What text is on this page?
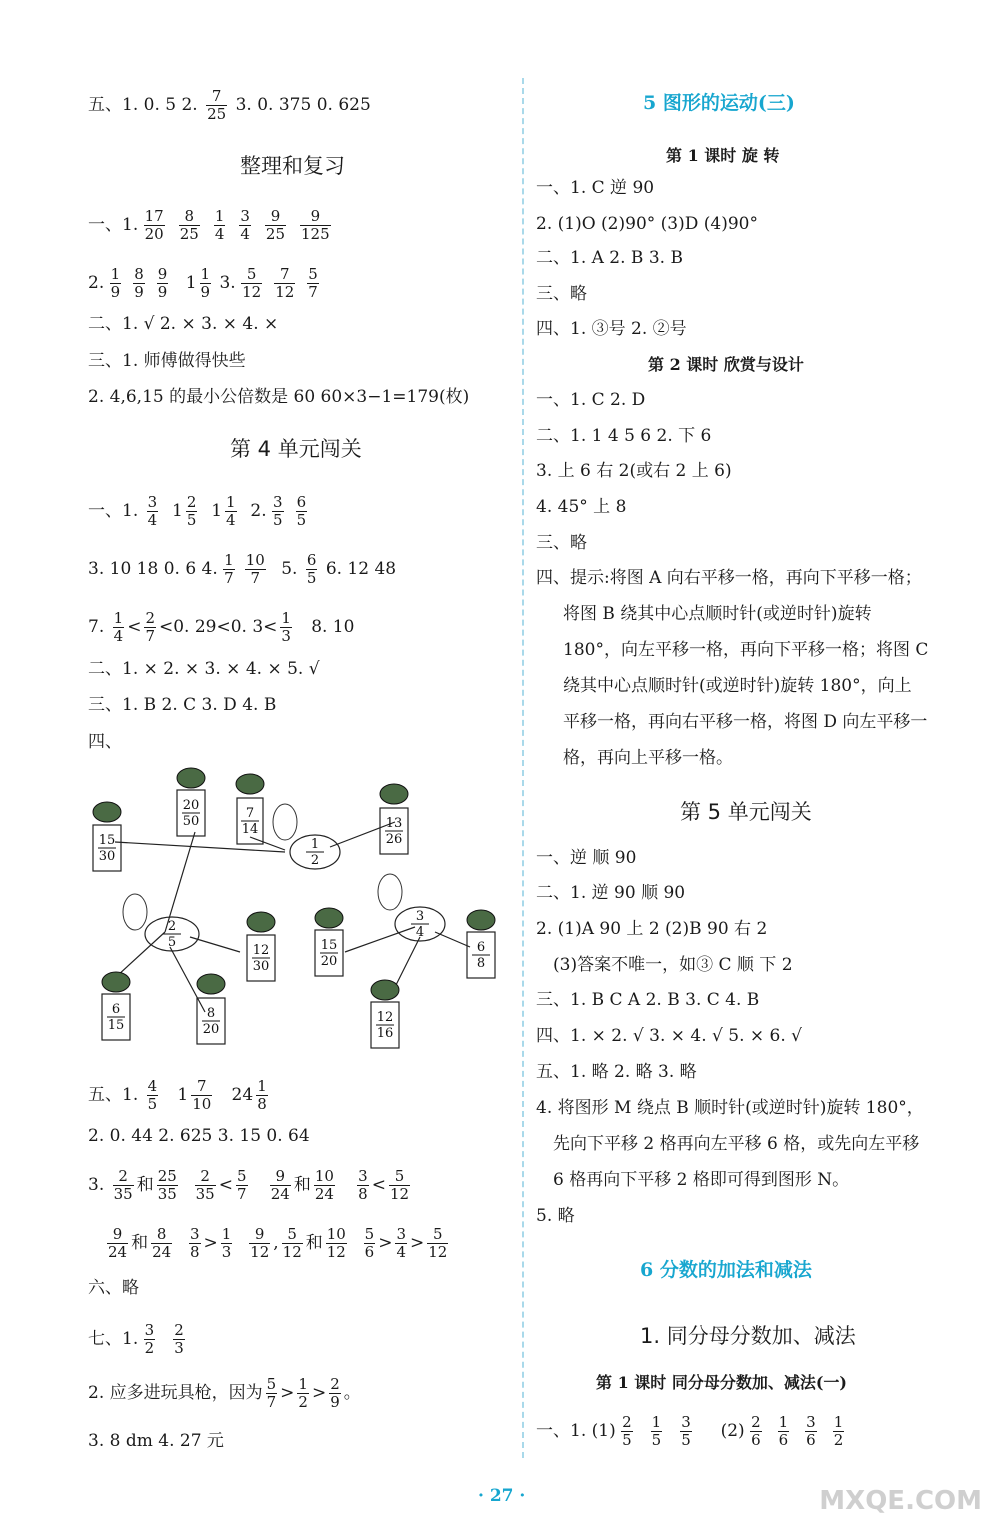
五、1. 0. 5 2. $\frac{7}{25} 3$. 0. 375 0. 625
整理和复习
一、1. $\frac{17}{20} \frac{8}{25} \frac{1}{4} \frac{3}{4} \frac{9}{25} \frac{9}{125}$
2. $\frac{1}{9} \frac{8}{9} \frac{9}{9} 1 \frac{1}{9} 3$. $\frac{5}{12} \frac{7}{12} \frac{5}{7}$
二、1. √ 2. × 3. × 4. ×
三、1. 师傅做得快些
2. 4,6,15 的最小公倍数是 60 60×3−1=179(枚)
第 4 单元闯关
一、1. $\frac{3}{4} 1 \frac{2}{5} 1 \frac{1}{4} 2$. $\frac{3}{5} \frac{6}{5}$
3. 10 18 0. 6 4. $\frac{1}{7} \frac{10}{7} 5$. $\frac{6}{5} 6$. 12 48
7. $\frac{1}{4} < \frac{2}{7} <0$. 29<0. $3< \frac{1}{3} 8$. 10
二、1. × 2. × 3. × 4. × 5. √
三、1. B 2. C 3. D 4. B
四、
1 2
2 5
3 4
15 30
20 50
7 14	13 26
12 30
15 20
6 8
6 15
8 20
12 16
五、1. $\frac{4}{5} 1 \frac{7}{10} 24 \frac{1}{8}$
2. 0. 44 2. 625 3. 15 0. 64
3. $\frac{2}{35}$ 和 $\frac{25}{35}$
$\frac{2}{35} < \frac{5}{7}$
$\frac{9}{24}$ 和 $\frac{10}{24}$
$\frac{3}{8} < \frac{5}{12}$
$\frac{9}{24}$ 和 $\frac{8}{24}$
$\frac{3}{8} > \frac{1}{3}$
$\frac{9}{12}$ , $\frac{5}{12}$ 和 $\frac{10}{12}$
$\frac{5}{6} > \frac{3}{4} > \frac{5}{12}$
六、略
七、1. $\frac{3}{2} \frac{2}{3}$
2. 应多进玩具枪，因为 $\frac{5}{7} > \frac{1}{2} > \frac{2}{9}$ 。
3. 8 dm 4. 27 元
5 图形的运动(三)
第 1 课时 旋 转
一、1. C 逆 90
2. (1)O (2)90° (3)D (4)90°
二、1. A 2. B 3. B
三、略
四、1. ③号 2. ②号
第 2 课时 欣赏与设计
一、1. C 2. D
二、1. 1 4 5 6 2. 下 6
3. 上 6 右 2(或右 2 上 6)
4. 45° 上 8
三、略
四、提示:将图 A 向右平移一格，再向下平移一格；
将图 B 绕其中心点顺时针(或逆时针)旋转
180°，向左平移一格，再向下平移一格；将图 C
绕其中心点顺时针(或逆时针)旋转 180°，向上
平移一格，再向右平移一格，将图 D 向左平移一
格，再向上平移一格。
第 5 单元闯关
一、逆 顺 90
二、1. 逆 90 顺 90
2. (1)A 90 上 2 (2)B 90 右 2
(3)答案不唯一，如③ C 顺 下 2
三、1. B C A 2. B 3. C 4. B
四、1. × 2. √ 3. × 4. √ 5. × 6. √
五、1. 略 2. 略 3. 略
4. 将图形 M 绕点 B 顺时针(或逆时针)旋转 180°，
先向下平移 2 格再向左平移 6 格，或先向左平移
6 格再向下平移 2 格即可得到图形 N。
5. 略
6 分数的加法和减法
1. 同分母分数加、减法
第 1 课时 同分母分数加、减法(一)
一、1. $(1) \frac{2}{5} \frac{1}{5} \frac{3}{5} (2) \frac{2}{6} \frac{1}{6} \frac{3}{6} \frac{1}{2}$
· 27 ·	MXQE.COM
